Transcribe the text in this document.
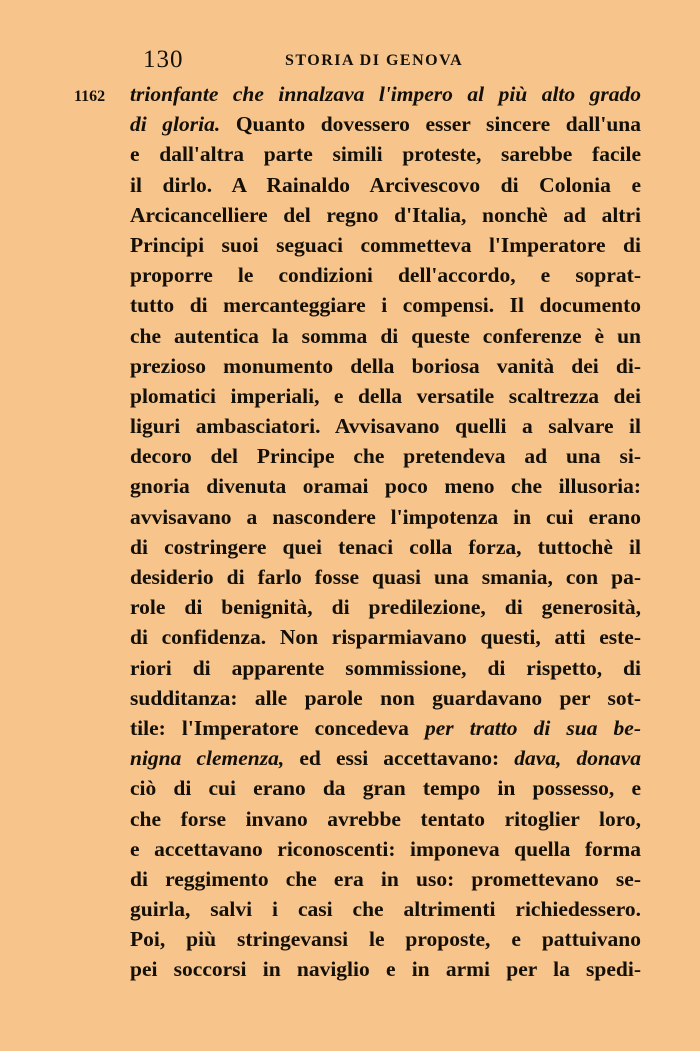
130	STORIA DI GENOVA
1162 trionfante che innalzava l'impero al più alto grado
di gloria. Quanto dovessero esser sincere dall'una
e dall'altra parte simili proteste, sarebbe facile
il dirlo. A Rainaldo Arcivescovo di Colonia e
Arcicancelliere del regno d'Italia, nonchè ad altri
Principi suoi seguaci commetteva l'Imperatore di
proporre le condizioni dell'accordo, e soprat-
tutto di mercanteggiare i compensi. Il documento
che autentica la somma di queste conferenze è un
prezioso monumento della boriosa vanità dei di-
plomatici imperiali, e della versatile scaltrezza dei
liguri ambasciatori. Avvisavano quelli a salvare il
decoro del Principe che pretendeva ad una si-
gnoria divenuta oramai poco meno che illusoria:
avvisavano a nascondere l'impotenza in cui erano
di costringere quei tenaci colla forza, tuttochè il
desiderio di farlo fosse quasi una smania, con pa-
role di benignità, di predilezione, di generosità,
di confidenza. Non risparmiavano questi, atti este-
riori di apparente sommissione, di rispetto, di
sudditanza: alle parole non guardavano per sot-
tile: l'Imperatore concedeva per tratto di sua be-
nigna clemenza, ed essi accettavano: dava, donava
ciò di cui erano da gran tempo in possesso, e
che forse invano avrebbe tentato ritoglier loro,
e accettavano riconoscenti: imponeva quella forma
di reggimento che era in uso: promettevano se-
guirla, salvi i casi che altrimenti richiedessero.
Poi, più stringevansi le proposte, e pattuivano
pei soccorsi in naviglio e in armi per la spedi-
